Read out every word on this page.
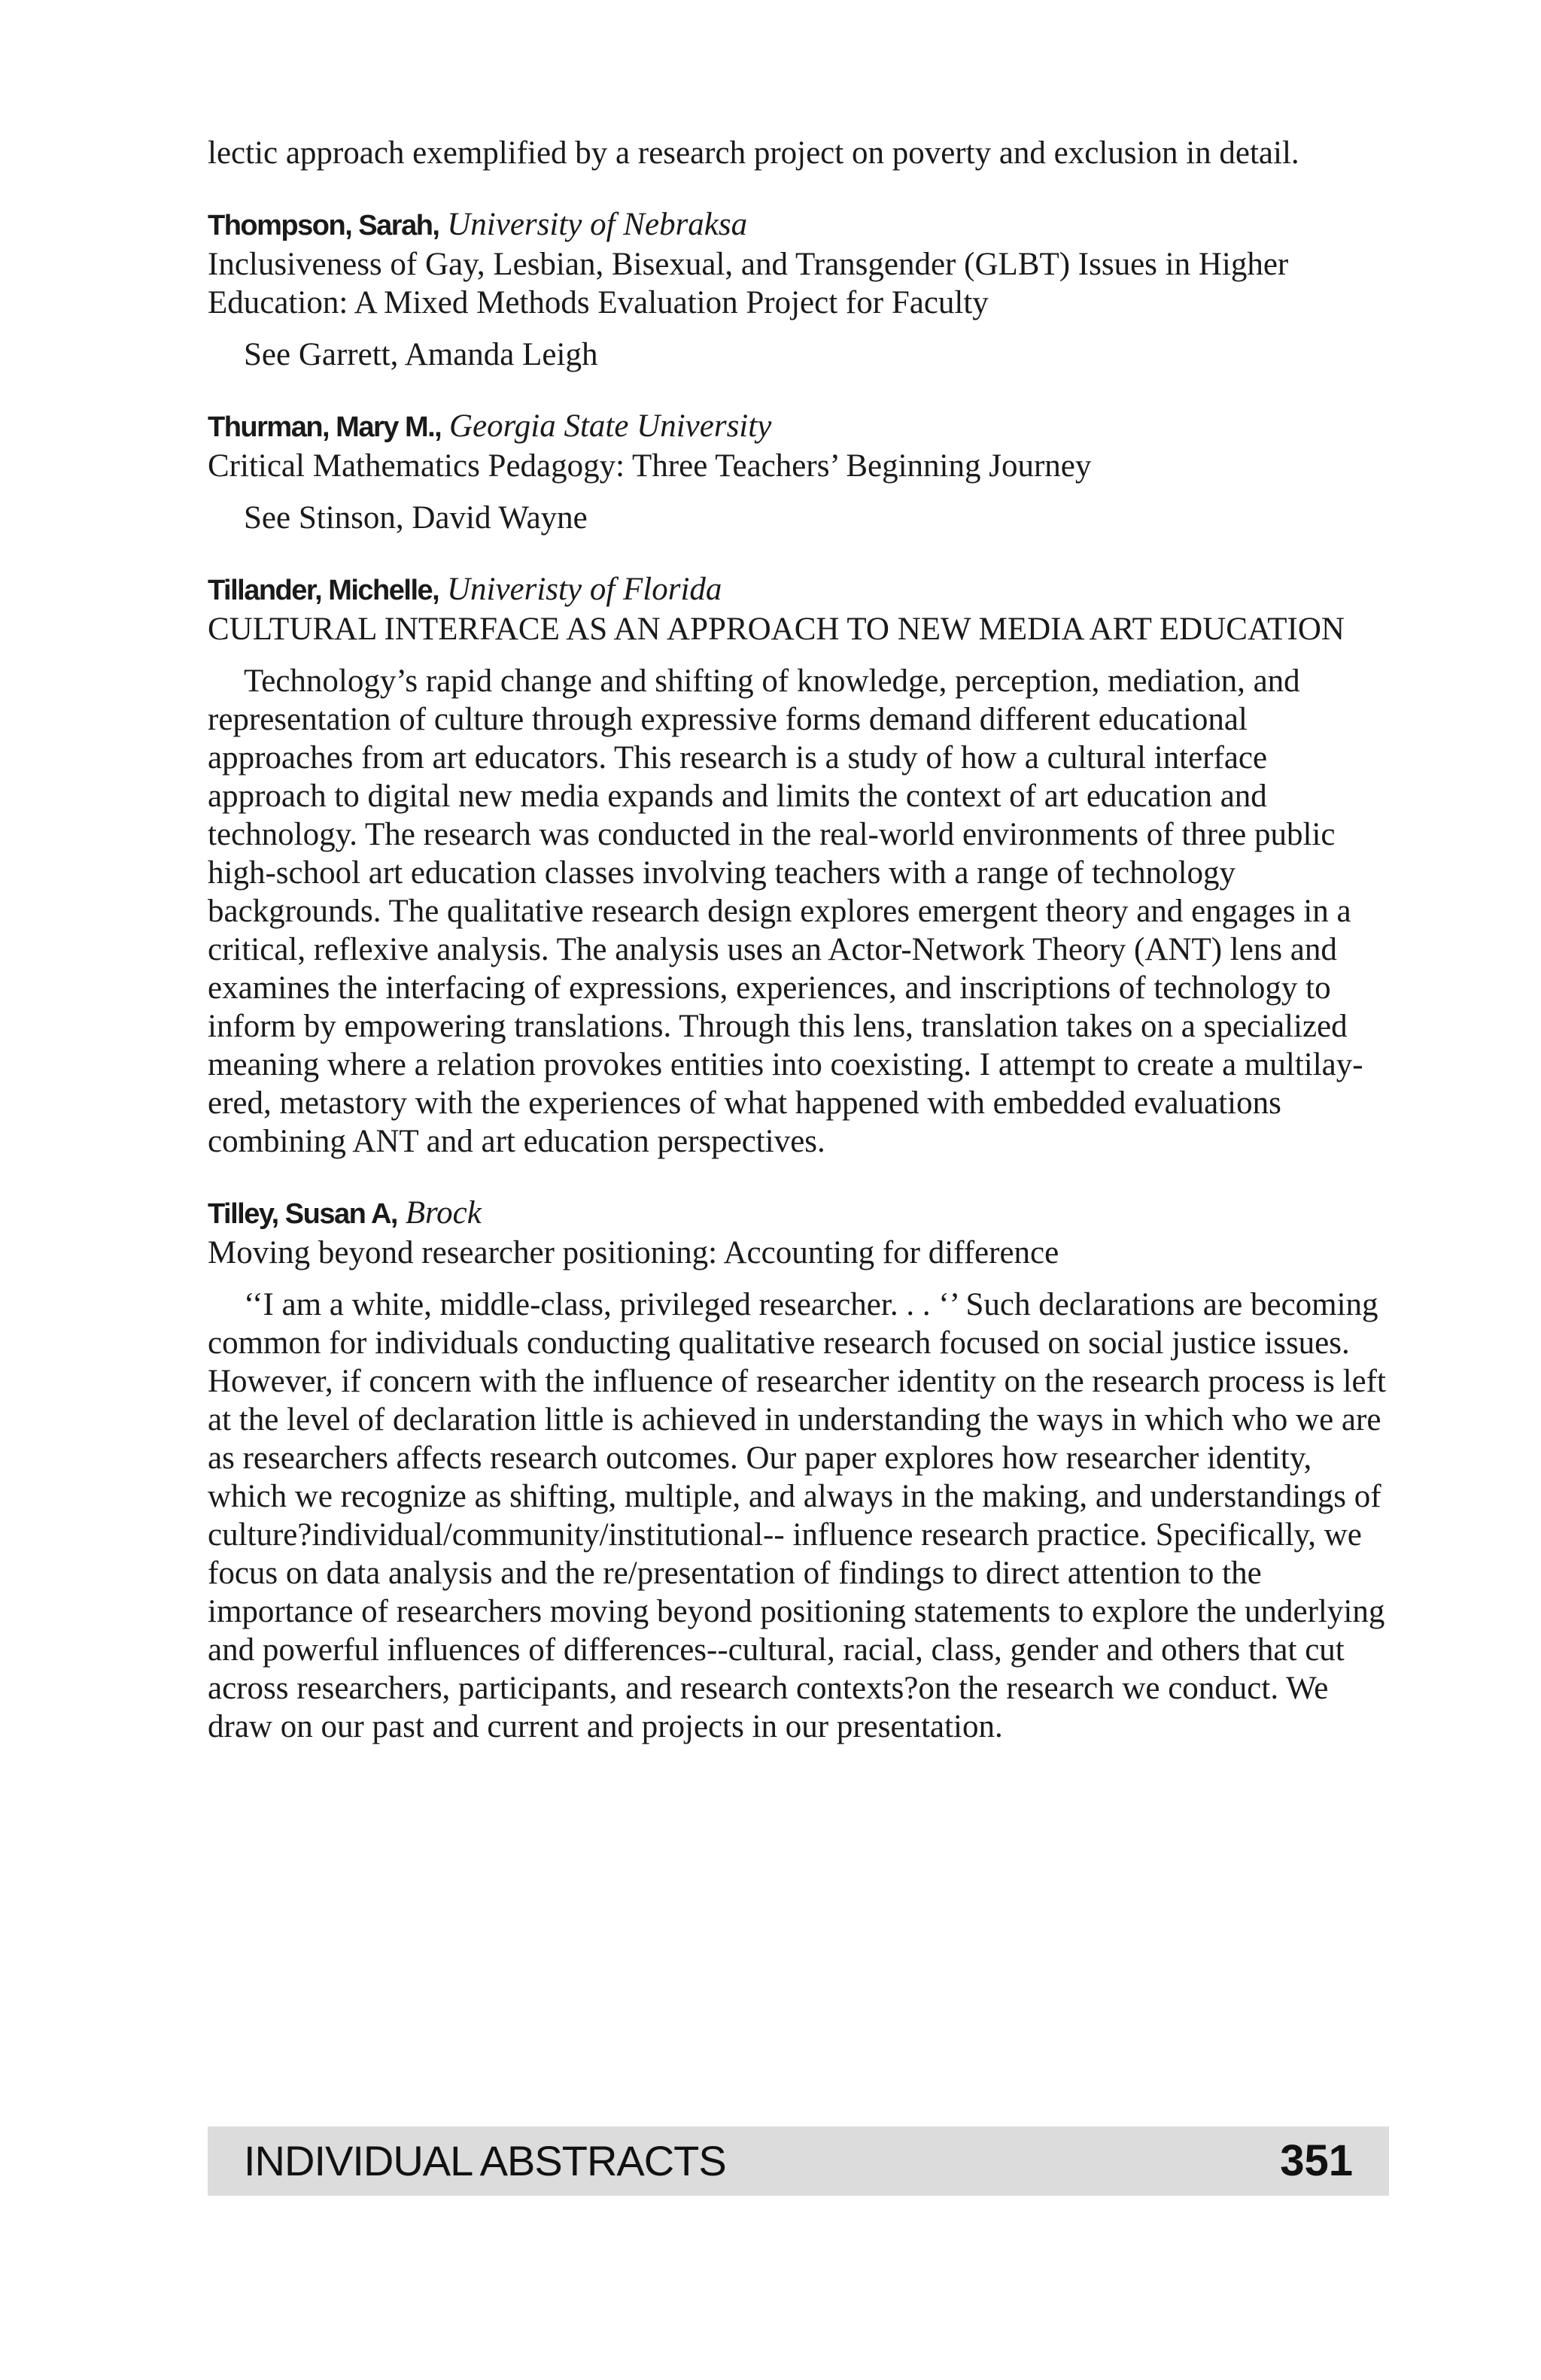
lectic approach exemplified by a research project on poverty and exclusion in detail.

Thompson, Sarah, University of Nebraksa

Inclusiveness of Gay, Lesbian, Bisexual, and Transgender (GLBT) Issues in Higher Education: A Mixed Methods Evaluation Project for Faculty

See Garrett, Amanda Leigh

Thurman, Mary M., Georgia State University

Critical Mathematics Pedagogy: Three Teachers’ Beginning Journey

See Stinson, David Wayne

Tillander, Michelle, Univeristy of Florida

CULTURAL INTERFACE AS AN APPROACH TO NEW MEDIA ART EDUCATION

Technology’s rapid change and shifting of knowledge, perception, mediation, and representation of culture through expressive forms demand different educational approaches from art educators. This research is a study of how a cultural interface approach to digital new media expands and limits the context of art education and technology. The research was conducted in the real-world environments of three public high-school art education classes involving teachers with a range of technology backgrounds. The qualitative research design explores emergent theory and engages in a critical, reflexive analysis. The analysis uses an Actor-Network Theory (ANT) lens and examines the interfacing of expressions, experiences, and inscriptions of technology to inform by empowering translations. Through this lens, translation takes on a specialized meaning where a relation provokes entities into coexisting. I attempt to create a multilayered, metastory with the experiences of what happened with embedded evaluations combining ANT and art education perspectives.

Tilley, Susan A, Brock

Moving beyond researcher positioning: Accounting for difference

‘‘I am a white, middle-class, privileged researcher. . . ‘’ Such declarations are becoming common for individuals conducting qualitative research focused on social justice issues. However, if concern with the influence of researcher identity on the research process is left at the level of declaration little is achieved in understanding the ways in which who we are as researchers affects research outcomes. Our paper explores how researcher identity, which we recognize as shifting, multiple, and always in the making, and understandings of culture?individual/community/institutional-- influence research practice. Specifically, we focus on data analysis and the re/presentation of findings to direct attention to the importance of researchers moving beyond positioning statements to explore the underlying and powerful influences of differences--cultural, racial, class, gender and others that cut across researchers, participants, and research contexts?on the research we conduct. We draw on our past and current and projects in our presentation.

INDIVIDUAL ABSTRACTS	351
